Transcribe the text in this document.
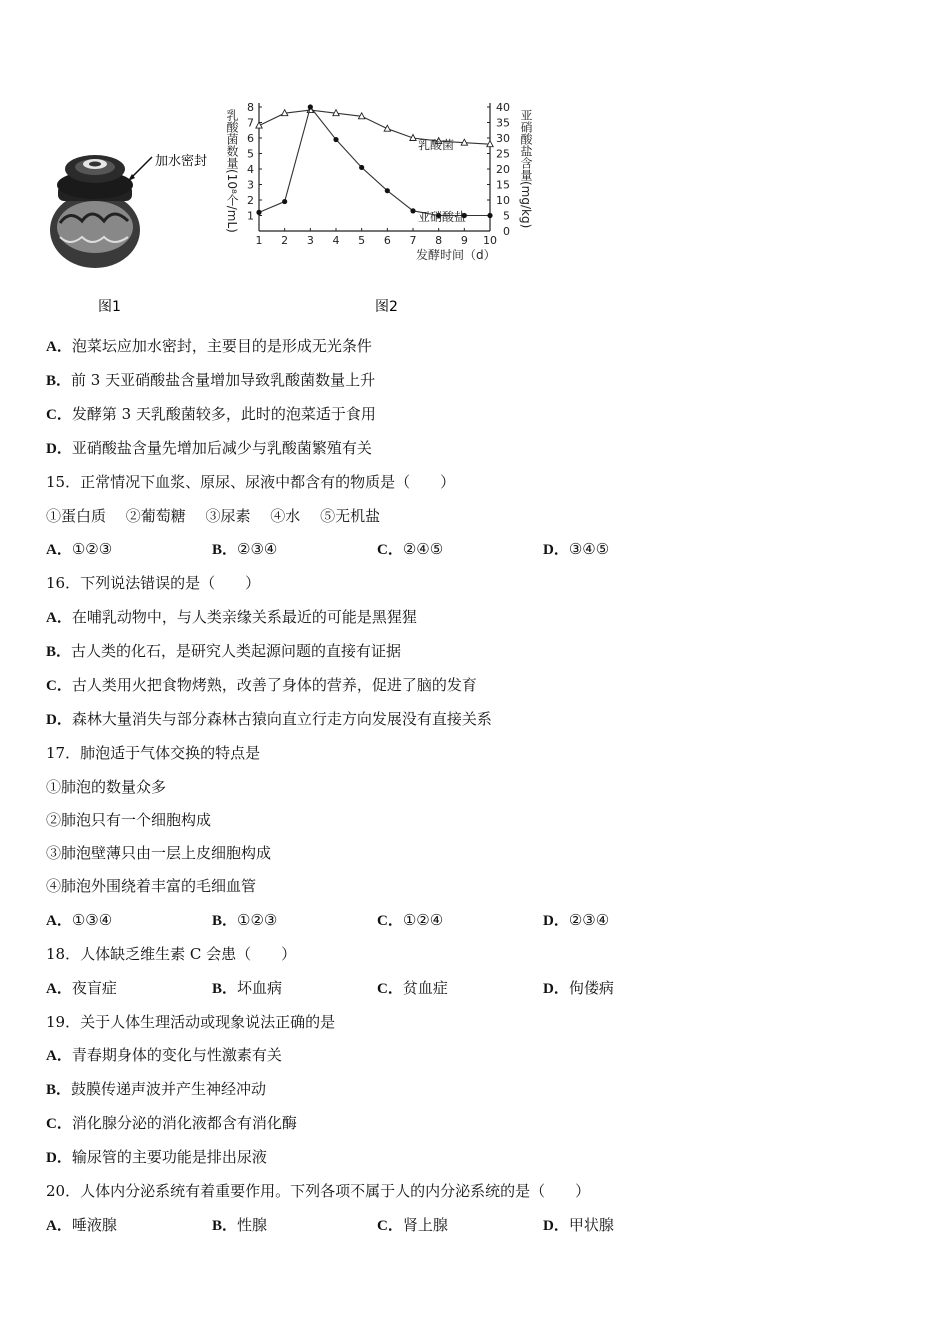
加水密封
图1
1 2 3 4 5 6 7 8 9 10
1
2
3
4
5
6
7
8
0
5
10
15
20
25
30
35
40
乳酸菌数量(10⁸个/mL)	亚硝酸盐含量(mg/kg)
发酵时间（d）
乳酸菌
亚硝酸盐
图2
A．泡菜坛应加水密封，主要目的是形成无光条件
B．前 3 天亚硝酸盐含量增加导致乳酸菌数量上升
C．发酵第 3 天乳酸菌较多，此时的泡菜适于食用
D．亚硝酸盐含量先增加后减少与乳酸菌繁殖有关
15．正常情况下血浆、原尿、尿液中都含有的物质是（　　）
①蛋白质　 ②葡萄糖　 ③尿素　 ④水　 ⑤无机盐
A．①②③	B．②③④	C．②④⑤	D．③④⑤
16．下列说法错误的是（　　）
A．在哺乳动物中，与人类亲缘关系最近的可能是黑猩猩
B．古人类的化石，是研究人类起源问题的直接有证据
C．古人类用火把食物烤熟，改善了身体的营养，促进了脑的发育
D．森林大量消失与部分森林古猿向直立行走方向发展没有直接关系
17．肺泡适于气体交换的特点是
①肺泡的数量众多
②肺泡只有一个细胞构成
③肺泡壁薄只由一层上皮细胞构成
④肺泡外围绕着丰富的毛细血管
A．①③④	B．①②③	C．①②④	D．②③④
18．人体缺乏维生素 C 会患（　　）
A．夜盲症	B．坏血病	C．贫血症	D．佝偻病
19．关于人体生理活动或现象说法正确的是
A．青春期身体的变化与性激素有关
B．鼓膜传递声波并产生神经冲动
C．消化腺分泌的消化液都含有消化酶
D．输尿管的主要功能是排出尿液
20．人体内分泌系统有着重要作用。下列各项不属于人的内分泌系统的是（　　）
A．唾液腺	B．性腺	C．肾上腺	D．甲状腺
